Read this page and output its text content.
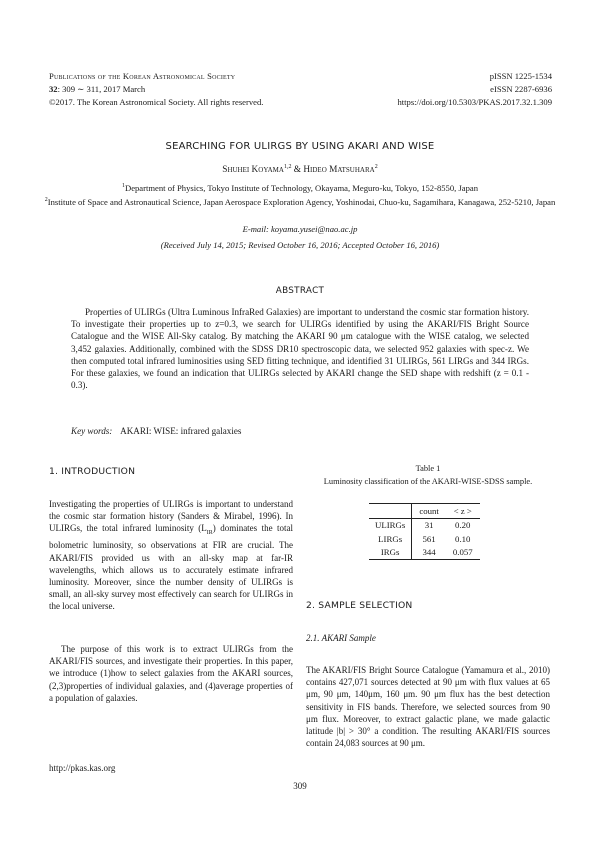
Publications of the Korean Astronomical Society
32: 309 ∼ 311, 2017 March
©2017. The Korean Astronomical Society. All rights reserved.
pISSN 1225-1534
eISSN 2287-6936
https://doi.org/10.5303/PKAS.2017.32.1.309
SEARCHING FOR ULIRGS BY USING AKARI AND WISE
Shuhei Koyama$^{1,2}$ & Hideo Matsuhara$^2$
$^1$Department of Physics, Tokyo Institute of Technology, Okayama, Meguro-ku, Tokyo, 152-8550, Japan
$^2$Institute of Space and Astronautical Science, Japan Aerospace Exploration Agency, Yoshinodai, Chuo-ku, Sagamihara, Kanagawa, 252-5210, Japan
E-mail: koyama.yusei@nao.ac.jp
(Received July 14, 2015; Revised October 16, 2016; Accepted October 16, 2016)
ABSTRACT

Properties of ULIRGs (Ultra Luminous InfraRed Galaxies) are important to understand the cosmic star formation history. To investigate their properties up to z=0.3, we search for ULIRGs identified by using the AKARI/FIS Bright Source Catalogue and the WISE All-Sky catalog. By matching the AKARI 90 μm catalogue with the WISE catalog, we selected 3,452 galaxies. Additionally, combined with the SDSS DR10 spectroscopic data, we selected 952 galaxies with spec-z. We then computed total infrared luminosities using SED fitting technique, and identified 31 ULIRGs, 561 LIRGs and 344 IRGs. For these galaxies, we found an indication that ULIRGs selected by AKARI change the SED shape with redshift (z = 0.1 - 0.3).

Key words: AKARI: WISE: infrared galaxies
1. INTRODUCTION
Investigating the properties of ULIRGs is important to understand the cosmic star formation history (Sanders & Mirabel, 1996). In ULIRGs, the total infrared luminosity $(L_{IR})$ dominates the total bolometric luminosity, so observations at FIR are crucial. The AKARI/FIS provided us with an all-sky map at far-IR wavelengths, which allows us to accurately estimate infrared luminosity. Moreover, since the number density of ULIRGs is small, an all-sky survey most effectively can search for ULIRGs in the local universe.
The purpose of this work is to extract ULIRGs from the AKARI/FIS sources, and investigate their properties. In this paper, we introduce (1)how to select galaxies from the AKARI sources, (2,3)properties of individual galaxies, and (4)average properties of a population of galaxies.
Table 1
Luminosity classification of the AKARI-WISE-SDSS sample.
	count	< z >
ULIRGs	31	0.20
LIRGs	561	0.10
IRGs	344	0.057
2. SAMPLE SELECTION
2.1. AKARI Sample
The AKARI/FIS Bright Source Catalogue (Yamamura et al., 2010) contains 427,071 sources detected at 90 μm with flux values at 65 μm, 90 μm, 140μm, 160 μm. 90 μm flux has the best detection sensitivity in FIS bands. Therefore, we selected sources from 90 μm flux. Moreover, to extract galactic plane, we made galactic latitude |b| > 30° a condition. The resulting AKARI/FIS sources contain 24,083 sources at 90 μm.
http://pkas.kas.org
309
